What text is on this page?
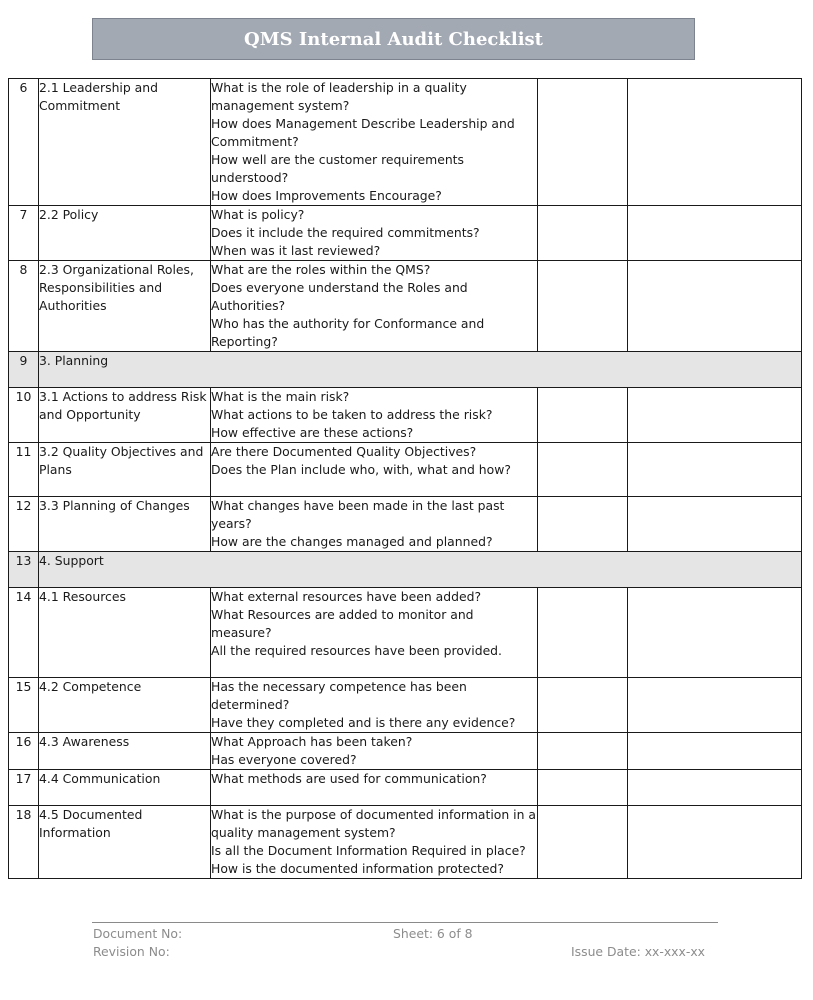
QMS Internal Audit Checklist
6	2.1 Leadership and Commitment	What is the role of leadership in a quality management system?
How does Management Describe Leadership and Commitment?
How well are the customer requirements understood?
How does Improvements Encourage?		

7	2.2 Policy	What is policy?
Does it include the required commitments?
When was it last reviewed?		

8	2.3 Organizational Roles, Responsibilities and Authorities	What are the roles within the QMS?
Does everyone understand the Roles and Authorities?
Who has the authority for Conformance and Reporting?		

9	3. Planning			
10	3.1 Actions to address Risk and Opportunity	What is the main risk?
What actions to be taken to address the risk?
How effective are these actions?		

11	3.2 Quality Objectives and Plans	Are there Documented Quality Objectives?
Does the Plan include who, with, what and how?		

12	3.3 Planning of Changes	What changes have been made in the last past years?
How are the changes managed and planned?		

13	4. Support			
14	4.1 Resources	What external resources have been added?
What Resources are added to monitor and measure?
All the required resources have been provided.		

15	4.2 Competence	Has the necessary competence has been determined?
Have they completed and is there any evidence?		

16	4.3 Awareness	What Approach has been taken?
Has everyone covered?		

17	4.4 Communication	What methods are used for communication?		

18	4.5 Documented Information	What is the purpose of documented information in a quality management system?
Is all the Document Information Required in place?
How is the documented information protected?		

Document No:
Revision No:
Sheet: 6 of 8
Issue Date: xx-xxx-xx
